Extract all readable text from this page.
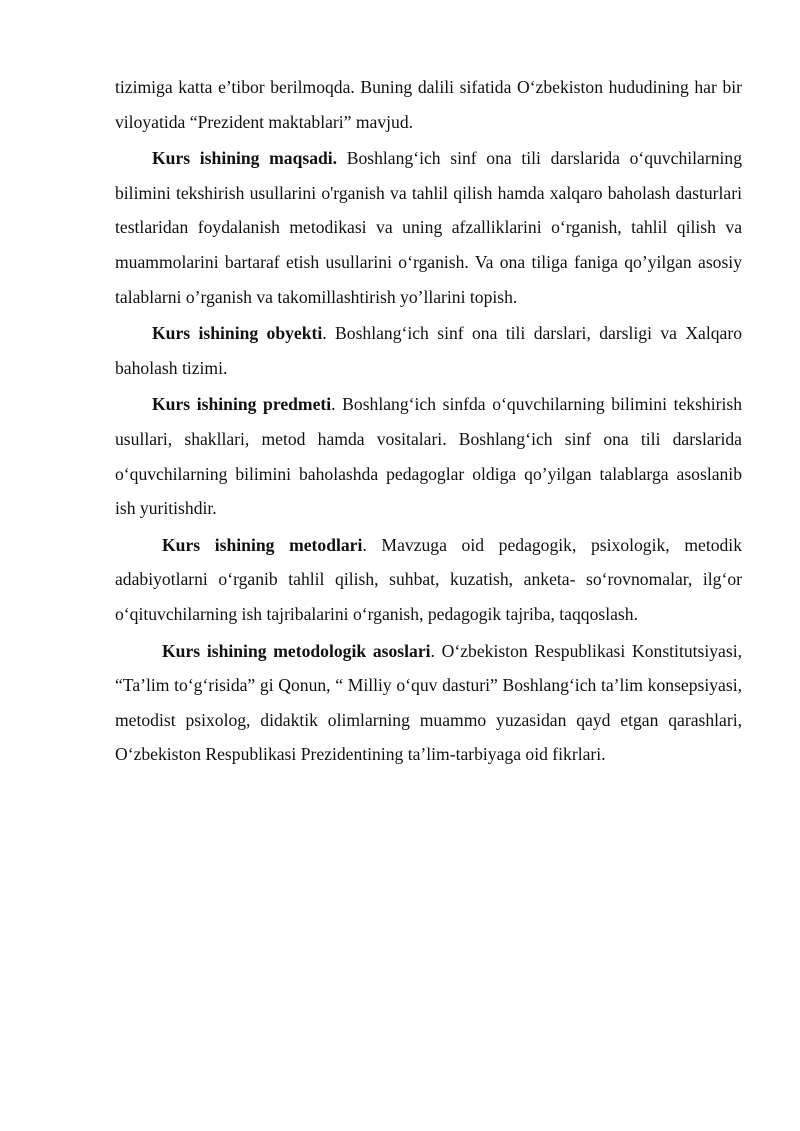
tizimiga katta e’tibor berilmoqda. Buning dalili sifatida O‘zbekiston hududining har bir viloyatida “Prezident maktablari” mavjud.

Kurs ishining maqsadi. Boshlang‘ich sinf ona tili darslarida o‘quvchilarning bilimini tekshirish usullarini o'rganish va tahlil qilish hamda xalqaro baholash dasturlari testlaridan foydalanish metodikasi va uning afzalliklarini o‘rganish, tahlil qilish va muammolarini bartaraf etish usullarini o‘rganish. Va ona tiliga faniga qo’yilgan asosiy talablarni o’rganish va takomillashtirish yo’llarini topish.

Kurs ishining obyekti. Boshlang‘ich sinf ona tili darslari, darsligi va Xalqaro baholash tizimi.

Kurs ishining predmeti. Boshlang‘ich sinfda o‘quvchilarning bilimini tekshirish usullari, shakllari, metod hamda vositalari. Boshlang‘ich sinf ona tili darslarida o‘quvchilarning bilimini baholashda pedagoglar oldiga qo’yilgan talablarga asoslanib ish yuritishdir.

Kurs ishining metodlari. Mavzuga oid pedagogik, psixologik, metodik adabiyotlarni o‘rganib tahlil qilish, suhbat, kuzatish, anketa- so‘rovnomalar, ilg‘or o‘qituvchilarning ish tajribalarini o‘rganish, pedagogik tajriba, taqqoslash.

Kurs ishining metodologik asoslari. O‘zbekiston Respublikasi Konstitutsiyasi, “Ta’lim to‘g‘risida” gi Qonun, “ Milliy o‘quv dasturi” Boshlang‘ich ta’lim konsepsiyasi, metodist psixolog, didaktik olimlarning muammo yuzasidan qayd etgan qarashlari, O‘zbekiston Respublikasi Prezidentining ta’lim-tarbiyaga oid fikrlari.
